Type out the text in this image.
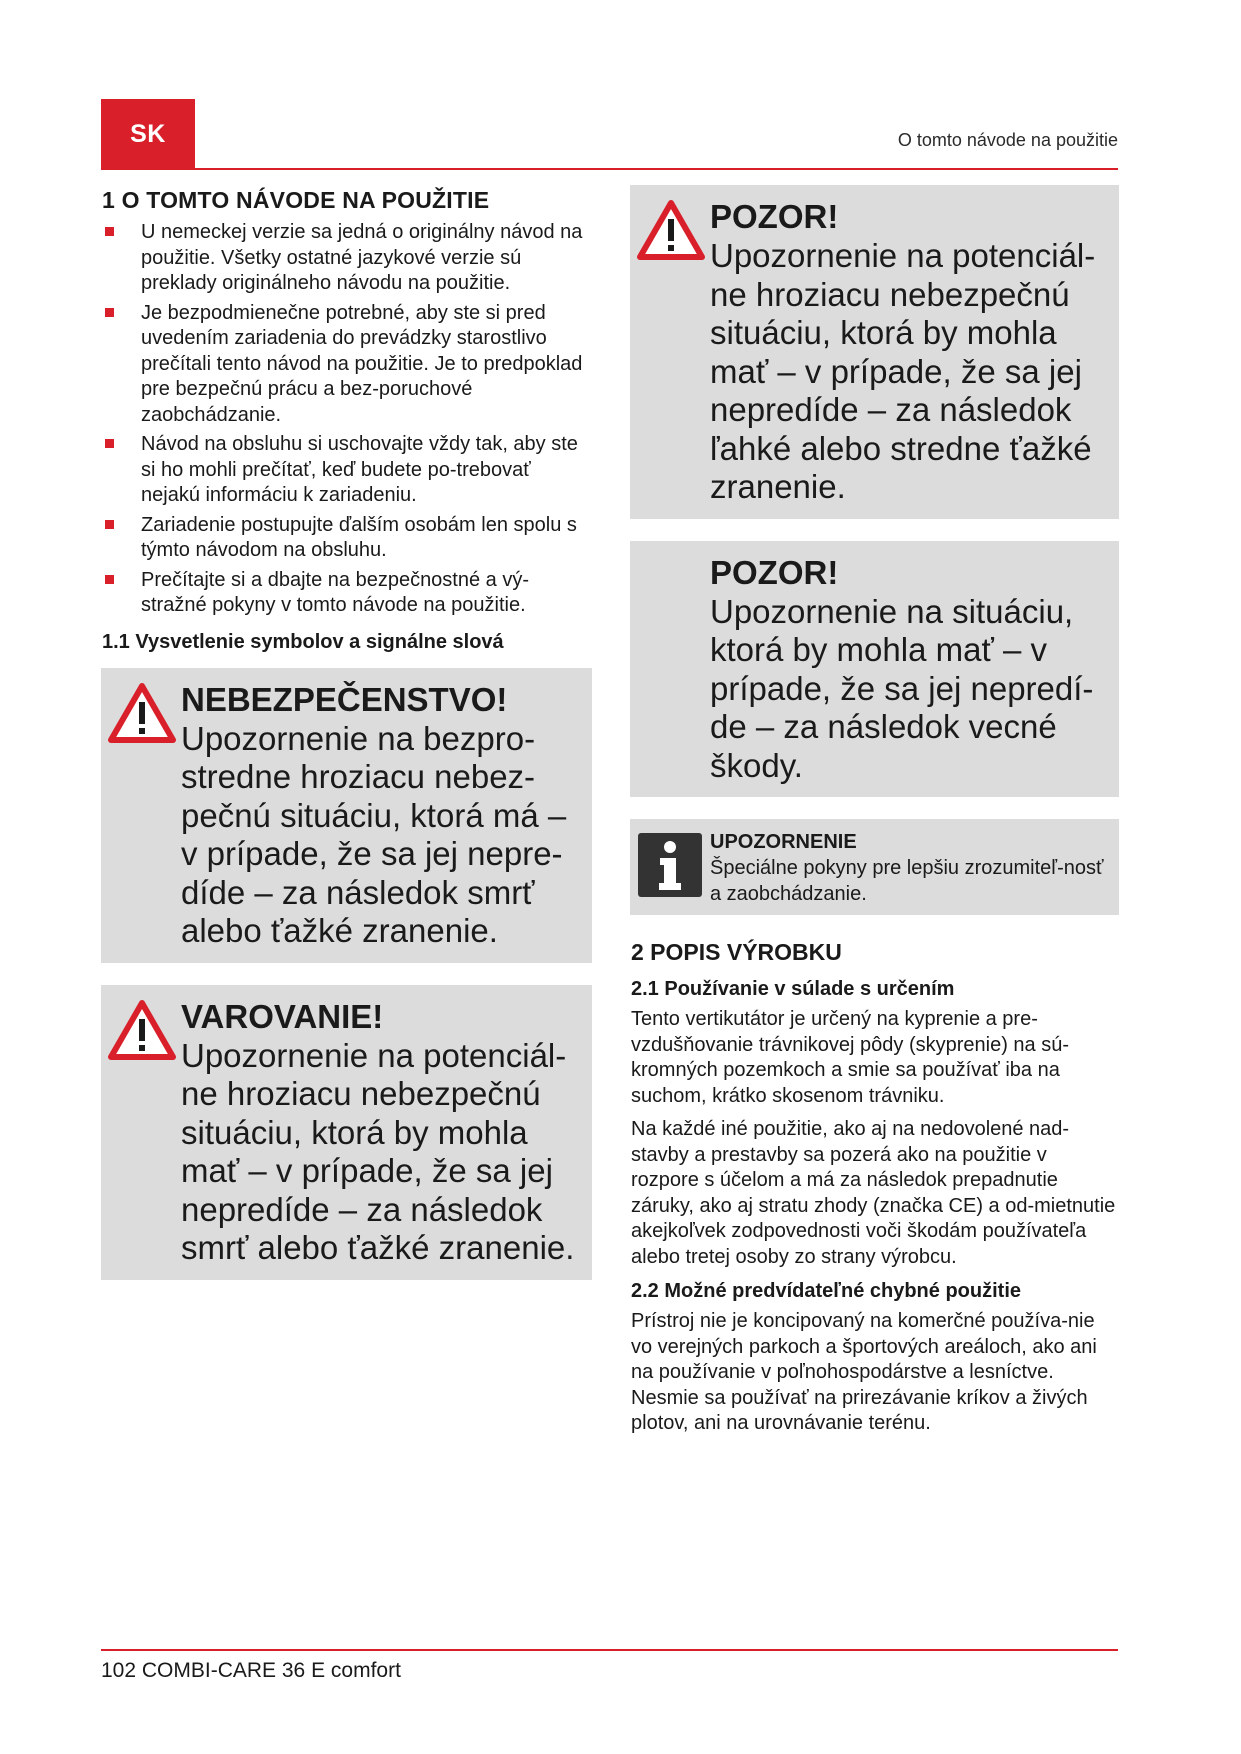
SK	O tomto návode na použitie
1 O TOMTO NÁVODE NA POUŽITIE
U nemeckej verzie sa jedná o originálny návod na použitie. Všetky ostatné jazykové verzie sú preklady originálneho návodu na použitie.
Je bezpodmienečne potrebné, aby ste si pred uvedením zariadenia do prevádzky starostlivo prečítali tento návod na použitie. Je to predpoklad pre bezpečnú prácu a bez-poruchové zaobchádzanie.
Návod na obsluhu si uschovajte vždy tak, aby ste si ho mohli prečítať, keď budete po-trebovať nejakú informáciu k zariadeniu.
Zariadenie postupujte ďalším osobám len spolu s týmto návodom na obsluhu.
Prečítajte si a dbajte na bezpečnostné a vý-stražné pokyny v tomto návode na použitie.
1.1 Vysvetlenie symbolov a signálne slová
NEBEZPEČENSTVO!
Upozornenie na bezpro-stredne hroziacu nebez-pečnú situáciu, ktorá má – v prípade, že sa jej nepre-díde – za následok smrť alebo ťažké zranenie.
VAROVANIE!
Upozornenie na potenciál-ne hroziacu nebezpečnú situáciu, ktorá by mohla mať – v prípade, že sa jej nepredíde – za následok smrť alebo ťažké zranenie.
POZOR!
Upozornenie na potenciál-ne hroziacu nebezpečnú situáciu, ktorá by mohla mať – v prípade, že sa jej nepredíde – za následok ľahké alebo stredne ťažké zranenie.
POZOR!
Upozornenie na situáciu, ktorá by mohla mať – v prípade, že sa jej nepredí-de – za následok vecné škody.
UPOZORNENIE
Špeciálne pokyny pre lepšiu zrozumiteľ-nosť a zaobchádzanie.
2 POPIS VÝROBKU
2.1 Používanie v súlade s určením

Tento vertikutátor je určený na kyprenie a pre-vzdušňovanie trávnikovej pôdy (skyprenie) na sú-kromných pozemkoch a smie sa používať iba na suchom, krátko skosenom trávniku.

Na každé iné použitie, ako aj na nedovolené nad-stavby a prestavby sa pozerá ako na použitie v rozpore s účelom a má za následok prepadnutie záruky, ako aj stratu zhody (značka CE) a od-mietnutie akejkoľvek zodpovednosti voči škodám používateľa alebo tretej osoby zo strany výrobcu.

2.2 Možné predvídateľné chybné použitie

Prístroj nie je koncipovaný na komerčné používa-nie vo verejných parkoch a športových areáloch, ako ani na používanie v poľnohospodárstve a lesníctve. Nesmie sa používať na prirezávanie kríkov a živých plotov, ani na urovnávanie terénu.

102 COMBI-CARE 36 E comfort
